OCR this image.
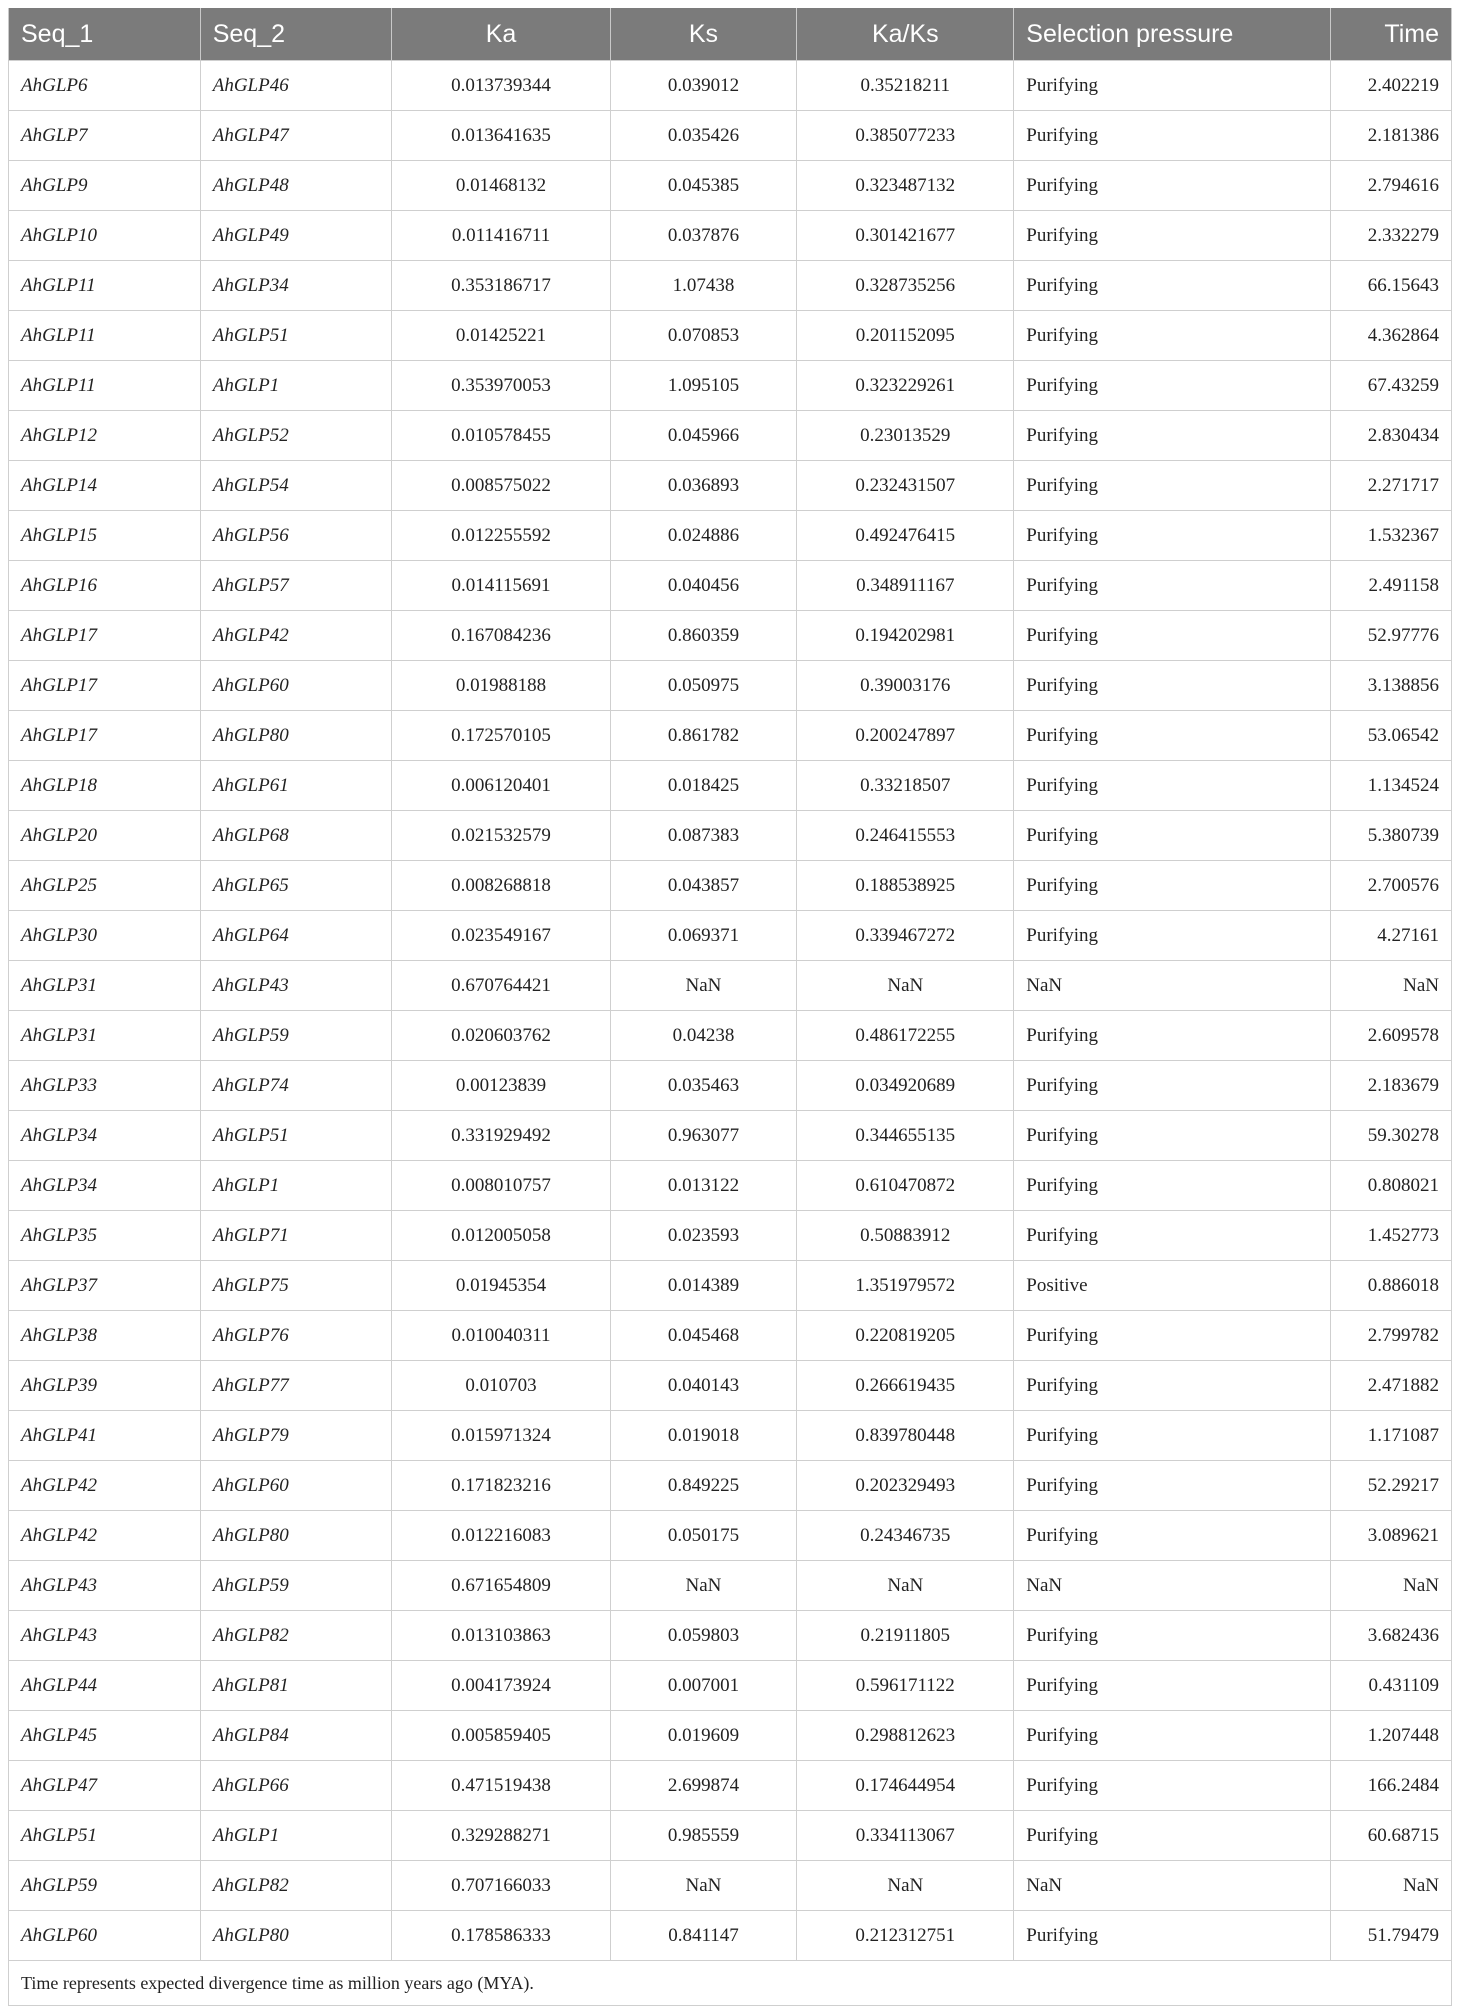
Seq_1	Seq_2	Ka	Ks	Ka/Ks	Selection pressure	Time
AhGLP6	AhGLP46	0.013739344	0.039012	0.35218211	Purifying	2.402219
AhGLP7	AhGLP47	0.013641635	0.035426	0.385077233	Purifying	2.181386
AhGLP9	AhGLP48	0.01468132	0.045385	0.323487132	Purifying	2.794616
AhGLP10	AhGLP49	0.011416711	0.037876	0.301421677	Purifying	2.332279
AhGLP11	AhGLP34	0.353186717	1.07438	0.328735256	Purifying	66.15643
AhGLP11	AhGLP51	0.01425221	0.070853	0.201152095	Purifying	4.362864
AhGLP11	AhGLP1	0.353970053	1.095105	0.323229261	Purifying	67.43259
AhGLP12	AhGLP52	0.010578455	0.045966	0.23013529	Purifying	2.830434
AhGLP14	AhGLP54	0.008575022	0.036893	0.232431507	Purifying	2.271717
AhGLP15	AhGLP56	0.012255592	0.024886	0.492476415	Purifying	1.532367
AhGLP16	AhGLP57	0.014115691	0.040456	0.348911167	Purifying	2.491158
AhGLP17	AhGLP42	0.167084236	0.860359	0.194202981	Purifying	52.97776
AhGLP17	AhGLP60	0.01988188	0.050975	0.39003176	Purifying	3.138856
AhGLP17	AhGLP80	0.172570105	0.861782	0.200247897	Purifying	53.06542
AhGLP18	AhGLP61	0.006120401	0.018425	0.33218507	Purifying	1.134524
AhGLP20	AhGLP68	0.021532579	0.087383	0.246415553	Purifying	5.380739
AhGLP25	AhGLP65	0.008268818	0.043857	0.188538925	Purifying	2.700576
AhGLP30	AhGLP64	0.023549167	0.069371	0.339467272	Purifying	4.27161
AhGLP31	AhGLP43	0.670764421	NaN	NaN	NaN	NaN
AhGLP31	AhGLP59	0.020603762	0.04238	0.486172255	Purifying	2.609578
AhGLP33	AhGLP74	0.00123839	0.035463	0.034920689	Purifying	2.183679
AhGLP34	AhGLP51	0.331929492	0.963077	0.344655135	Purifying	59.30278
AhGLP34	AhGLP1	0.008010757	0.013122	0.610470872	Purifying	0.808021
AhGLP35	AhGLP71	0.012005058	0.023593	0.50883912	Purifying	1.452773
AhGLP37	AhGLP75	0.01945354	0.014389	1.351979572	Positive	0.886018
AhGLP38	AhGLP76	0.010040311	0.045468	0.220819205	Purifying	2.799782
AhGLP39	AhGLP77	0.010703	0.040143	0.266619435	Purifying	2.471882
AhGLP41	AhGLP79	0.015971324	0.019018	0.839780448	Purifying	1.171087
AhGLP42	AhGLP60	0.171823216	0.849225	0.202329493	Purifying	52.29217
AhGLP42	AhGLP80	0.012216083	0.050175	0.24346735	Purifying	3.089621
AhGLP43	AhGLP59	0.671654809	NaN	NaN	NaN	NaN
AhGLP43	AhGLP82	0.013103863	0.059803	0.21911805	Purifying	3.682436
AhGLP44	AhGLP81	0.004173924	0.007001	0.596171122	Purifying	0.431109
AhGLP45	AhGLP84	0.005859405	0.019609	0.298812623	Purifying	1.207448
AhGLP47	AhGLP66	0.471519438	2.699874	0.174644954	Purifying	166.2484
AhGLP51	AhGLP1	0.329288271	0.985559	0.334113067	Purifying	60.68715
AhGLP59	AhGLP82	0.707166033	NaN	NaN	NaN	NaN
AhGLP60	AhGLP80	0.178586333	0.841147	0.212312751	Purifying	51.79479
Time represents expected divergence time as million years ago (MYA).						
